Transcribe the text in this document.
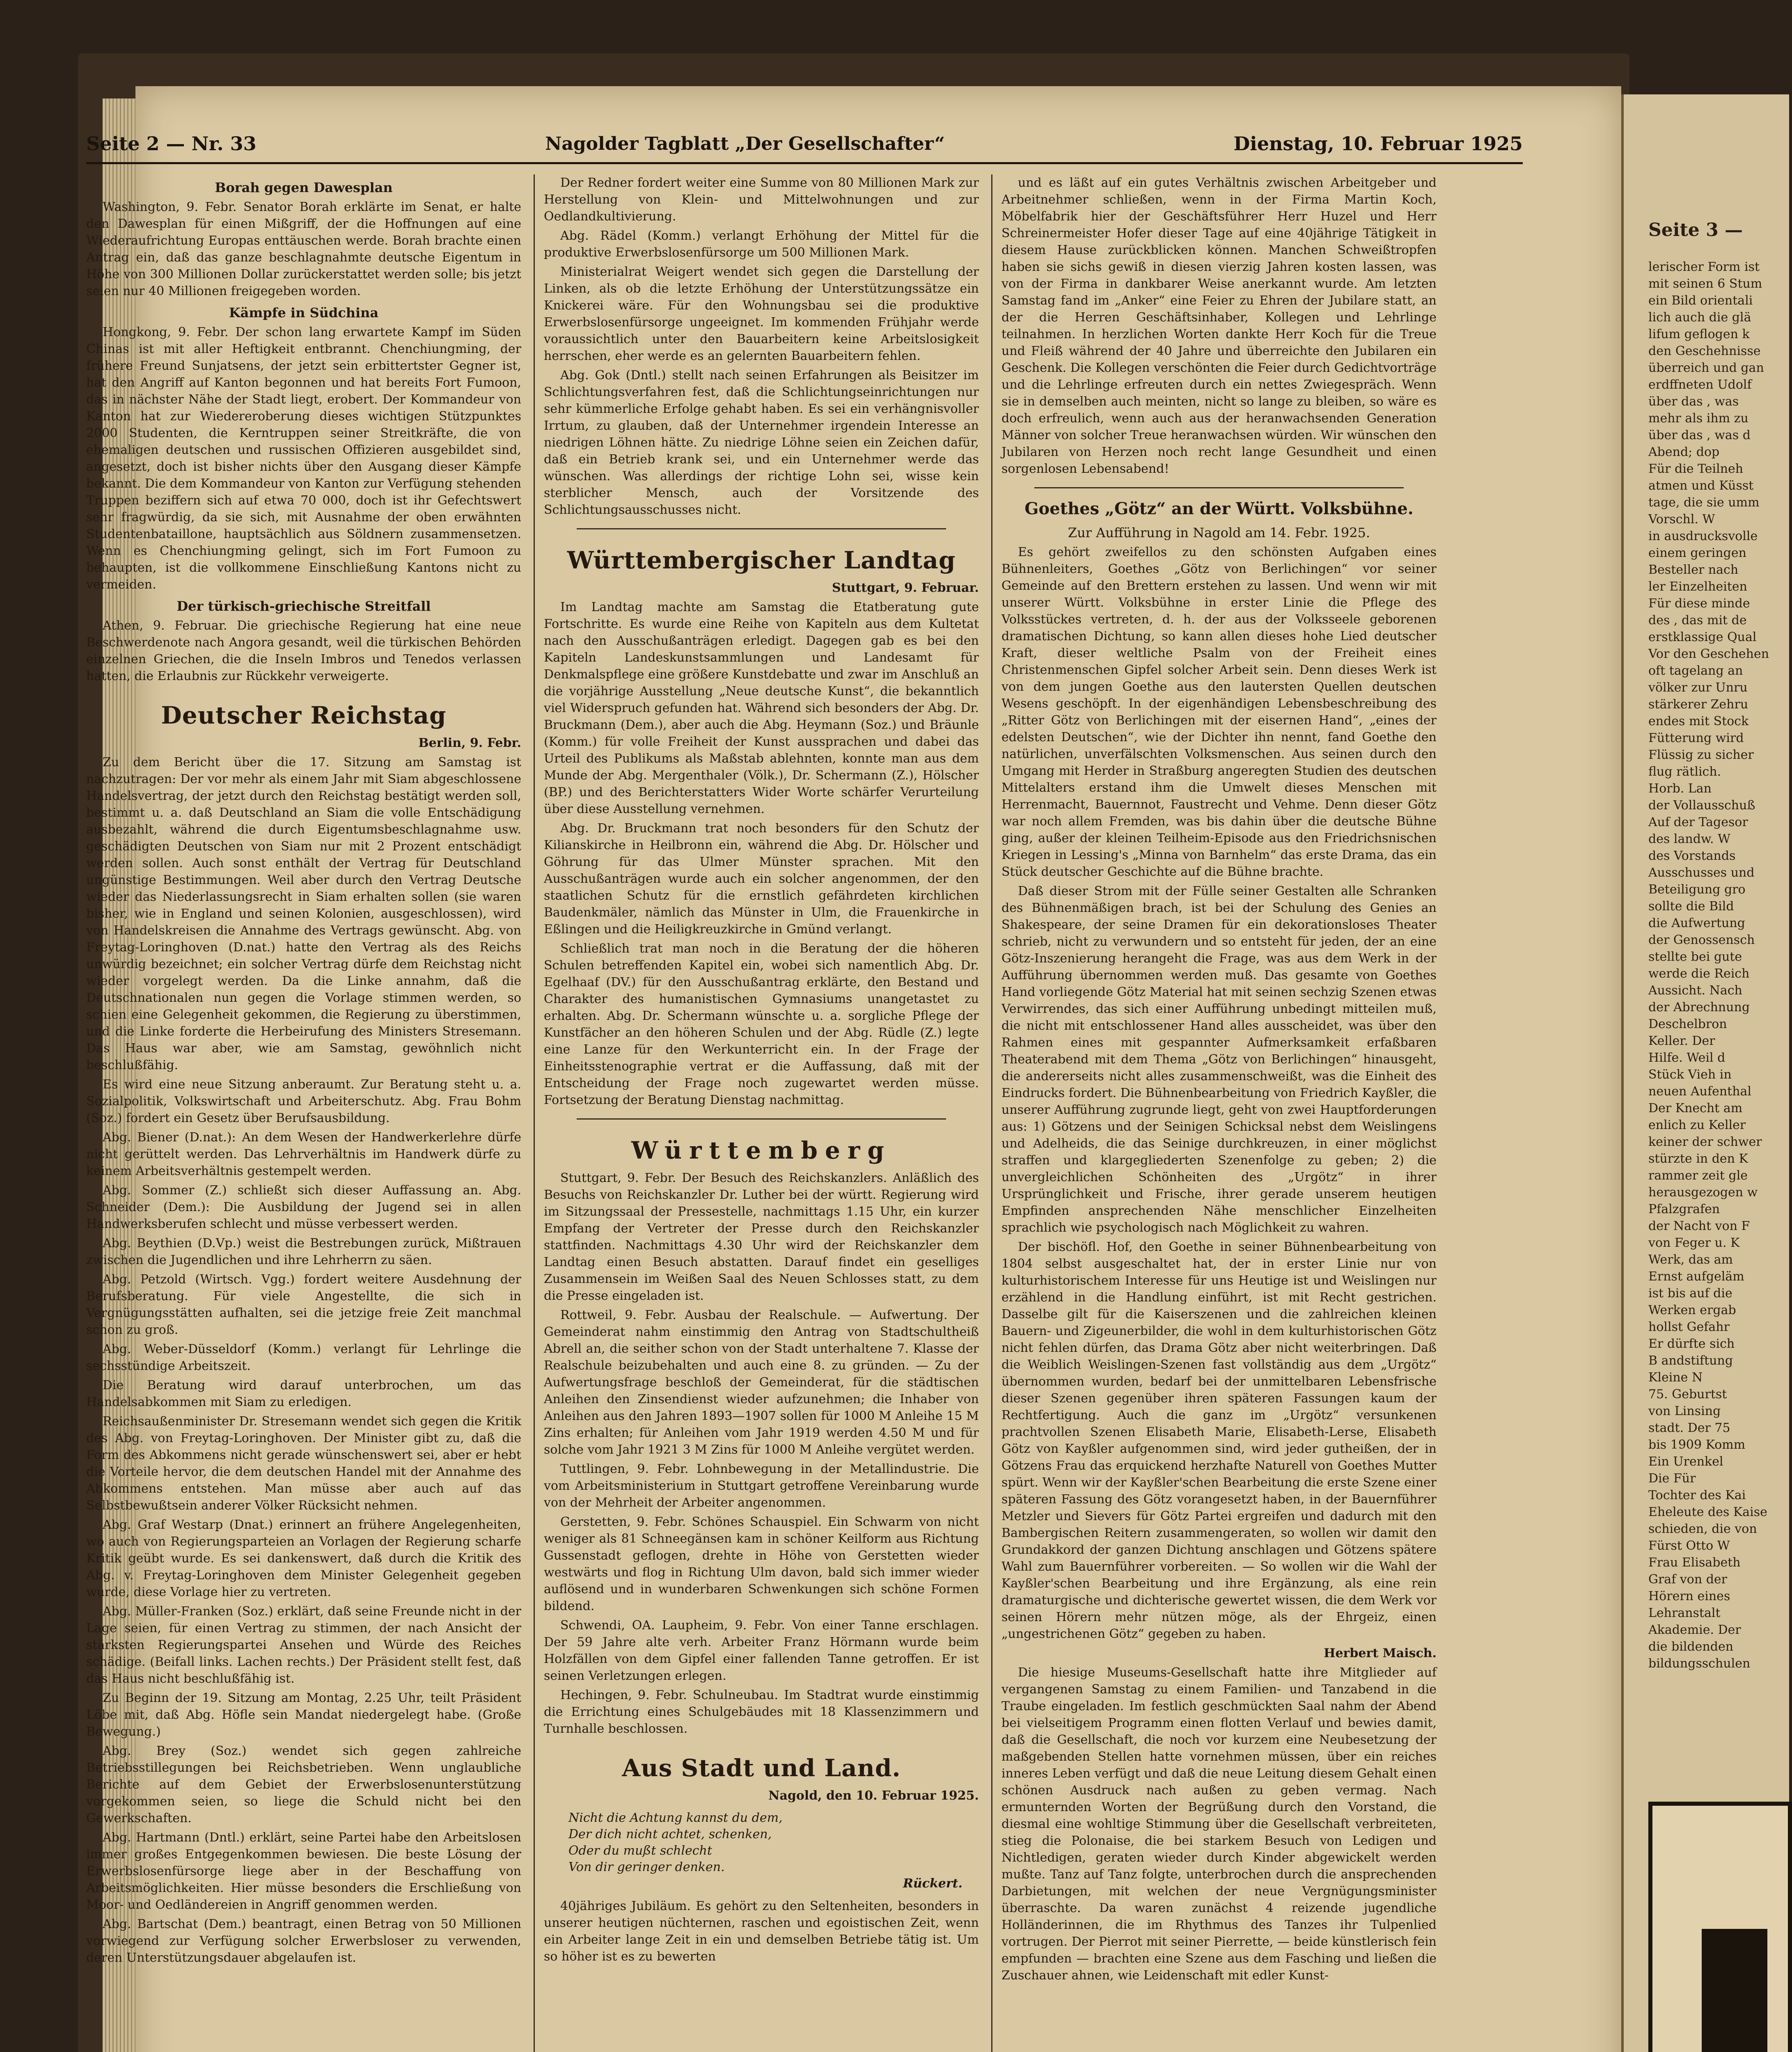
Seite 2 — Nr. 33	Nagolder Tagblatt „Der Gesellschafter“	Dienstag, 10. Februar 1925
Borah gegen Dawesplan

Washington, 9. Febr. Senator Borah erklärte im Senat, er halte den Dawesplan für einen Mißgriff, der die Hoffnungen auf eine Wiederaufrichtung Europas enttäuschen werde. Borah brachte einen Antrag ein, daß das ganze beschlagnahmte deutsche Eigentum in Höhe von 300 Millionen Dollar zurückerstattet werden solle; bis jetzt seien nur 40 Millionen freigegeben worden.

Kämpfe in Südchina

Hongkong, 9. Febr. Der schon lang erwartete Kampf im Süden Chinas ist mit aller Heftigkeit entbrannt. Chenchiungming, der frühere Freund Sunjatsens, der jetzt sein erbittertster Gegner ist, hat den Angriff auf Kanton begonnen und hat bereits Fort Fumoon, das in nächster Nähe der Stadt liegt, erobert. Der Kommandeur von Kanton hat zur Wiedereroberung dieses wichtigen Stützpunktes 2000 Studenten, die Kerntruppen seiner Streitkräfte, die von ehemaligen deutschen und russischen Offizieren ausgebildet sind, angesetzt, doch ist bisher nichts über den Ausgang dieser Kämpfe bekannt. Die dem Kommandeur von Kanton zur Verfügung stehenden Truppen beziffern sich auf etwa 70 000, doch ist ihr Gefechtswert sehr fragwürdig, da sie sich, mit Ausnahme der oben erwähnten Studentenbataillone, hauptsächlich aus Söldnern zusammensetzen. Wenn es Chenchiungming gelingt, sich im Fort Fumoon zu behaupten, ist die vollkommene Einschließung Kantons nicht zu vermeiden.

Der türkisch-griechische Streitfall

Athen, 9. Februar. Die griechische Regierung hat eine neue Beschwerdenote nach Angora gesandt, weil die türkischen Behörden einzelnen Griechen, die die Inseln Imbros und Tenedos verlassen hatten, die Erlaubnis zur Rückkehr verweigerte.

Deutscher Reichstag
Berlin, 9. Febr.

Zu dem Bericht über die 17. Sitzung am Samstag ist nachzutragen: Der vor mehr als einem Jahr mit Siam abgeschlossene Handelsvertrag, der jetzt durch den Reichstag bestätigt werden soll, bestimmt u. a. daß Deutschland an Siam die volle Entschädigung ausbezahlt, während die durch Eigentumsbeschlagnahme usw. geschädigten Deutschen von Siam nur mit 2 Prozent entschädigt werden sollen. Auch sonst enthält der Vertrag für Deutschland ungünstige Bestimmungen. Weil aber durch den Vertrag Deutsche wieder das Niederlassungsrecht in Siam erhalten sollen (sie waren bisher, wie in England und seinen Kolonien, ausgeschlossen), wird von Handelskreisen die Annahme des Vertrags gewünscht. Abg. von Freytag-Loringhoven (D.nat.) hatte den Vertrag als des Reichs unwürdig bezeichnet; ein solcher Vertrag dürfe dem Reichstag nicht wieder vorgelegt werden. Da die Linke annahm, daß die Deutschnationalen nun gegen die Vorlage stimmen werden, so schien eine Gelegenheit gekommen, die Regierung zu überstimmen, und die Linke forderte die Herbeirufung des Ministers Stresemann. Das Haus war aber, wie am Samstag, gewöhnlich nicht beschlußfähig.

Es wird eine neue Sitzung anberaumt. Zur Beratung steht u. a. Sozialpolitik, Volkswirtschaft und Arbeiterschutz. Abg. Frau Bohm (Soz.) fordert ein Gesetz über Berufsausbildung.

Abg. Biener (D.nat.): An dem Wesen der Handwerkerlehre dürfe nicht gerüttelt werden. Das Lehrverhältnis im Handwerk dürfe zu keinem Arbeitsverhältnis gestempelt werden.

Abg. Sommer (Z.) schließt sich dieser Auffassung an. Abg. Schneider (Dem.): Die Ausbildung der Jugend sei in allen Handwerksberufen schlecht und müsse verbessert werden.

Abg. Beythien (D.Vp.) weist die Bestrebungen zurück, Mißtrauen zwischen die Jugendlichen und ihre Lehrherrn zu säen.

Abg. Petzold (Wirtsch. Vgg.) fordert weitere Ausdehnung der Berufsberatung. Für viele Angestellte, die sich in Vergnügungsstätten aufhalten, sei die jetzige freie Zeit manchmal schon zu groß.

Abg. Weber-Düsseldorf (Komm.) verlangt für Lehrlinge die sechsstündige Arbeitszeit.

Die Beratung wird darauf unterbrochen, um das Handelsabkommen mit Siam zu erledigen.

Reichsaußenminister Dr. Stresemann wendet sich gegen die Kritik des Abg. von Freytag-Loringhoven. Der Minister gibt zu, daß die Form des Abkommens nicht gerade wünschenswert sei, aber er hebt die Vorteile hervor, die dem deutschen Handel mit der Annahme des Abkommens entstehen. Man müsse aber auch auf das Selbstbewußtsein anderer Völker Rücksicht nehmen.

Abg. Graf Westarp (Dnat.) erinnert an frühere Angelegenheiten, wo auch von Regierungsparteien an Vorlagen der Regierung scharfe Kritik geübt wurde. Es sei dankenswert, daß durch die Kritik des Abg. v. Freytag-Loringhoven dem Minister Gelegenheit gegeben wurde, diese Vorlage hier zu vertreten.

Abg. Müller-Franken (Soz.) erklärt, daß seine Freunde nicht in der Lage seien, für einen Vertrag zu stimmen, der nach Ansicht der stärksten Regierungspartei Ansehen und Würde des Reiches schädige. (Beifall links. Lachen rechts.) Der Präsident stellt fest, daß das Haus nicht beschlußfähig ist.

Zu Beginn der 19. Sitzung am Montag, 2.25 Uhr, teilt Präsident Löbe mit, daß Abg. Höfle sein Mandat niedergelegt habe. (Große Bewegung.)

Abg. Brey (Soz.) wendet sich gegen zahlreiche Betriebsstillegungen bei Reichsbetrieben. Wenn unglaubliche Berichte auf dem Gebiet der Erwerbslosenunterstützung vorgekommen seien, so liege die Schuld nicht bei den Gewerkschaften.

Abg. Hartmann (Dntl.) erklärt, seine Partei habe den Arbeitslosen immer großes Entgegenkommen bewiesen. Die beste Lösung der Erwerbslosenfürsorge liege aber in der Beschaffung von Arbeitsmöglichkeiten. Hier müsse besonders die Erschließung von Moor- und Oedländereien in Angriff genommen werden.

Abg. Bartschat (Dem.) beantragt, einen Betrag von 50 Millionen vorwiegend zur Verfügung solcher Erwerbsloser zu verwenden, deren Unterstützungsdauer abgelaufen ist.

Der Redner fordert weiter eine Summe von 80 Millionen Mark zur Herstellung von Klein- und Mittelwohnungen und zur Oedlandkultivierung.

Abg. Rädel (Komm.) verlangt Erhöhung der Mittel für die produktive Erwerbslosenfürsorge um 500 Millionen Mark.

Ministerialrat Weigert wendet sich gegen die Darstellung der Linken, als ob die letzte Erhöhung der Unterstützungssätze ein Knickerei wäre. Für den Wohnungsbau sei die produktive Erwerbslosenfürsorge ungeeignet. Im kommenden Frühjahr werde voraussichtlich unter den Bauarbeitern keine Arbeitslosigkeit herrschen, eher werde es an gelernten Bauarbeitern fehlen.

Abg. Gok (Dntl.) stellt nach seinen Erfahrungen als Beisitzer im Schlichtungsverfahren fest, daß die Schlichtungseinrichtungen nur sehr kümmerliche Erfolge gehabt haben. Es sei ein verhängnisvoller Irrtum, zu glauben, daß der Unternehmer irgendein Interesse an niedrigen Löhnen hätte. Zu niedrige Löhne seien ein Zeichen dafür, daß ein Betrieb krank sei, und ein Unternehmer werde das wünschen. Was allerdings der richtige Lohn sei, wisse kein sterblicher Mensch, auch der Vorsitzende des Schlichtungsausschusses nicht.

Württembergischer Landtag
Stuttgart, 9. Februar.

Im Landtag machte am Samstag die Etatberatung gute Fortschritte. Es wurde eine Reihe von Kapiteln aus dem Kultetat nach den Ausschußanträgen erledigt. Dagegen gab es bei den Kapiteln Landeskunstsammlungen und Landesamt für Denkmalspflege eine größere Kunstdebatte und zwar im Anschluß an die vorjährige Ausstellung „Neue deutsche Kunst“, die bekanntlich viel Widerspruch gefunden hat. Während sich besonders der Abg. Dr. Bruckmann (Dem.), aber auch die Abg. Heymann (Soz.) und Bräunle (Komm.) für volle Freiheit der Kunst aussprachen und dabei das Urteil des Publikums als Maßstab ablehnten, konnte man aus dem Munde der Abg. Mergenthaler (Völk.), Dr. Schermann (Z.), Hölscher (BP.) und des Berichterstatters Wider Worte schärfer Verurteilung über diese Ausstellung vernehmen.

Abg. Dr. Bruckmann trat noch besonders für den Schutz der Kilianskirche in Heilbronn ein, während die Abg. Dr. Hölscher und Göhrung für das Ulmer Münster sprachen. Mit den Ausschußanträgen wurde auch ein solcher angenommen, der den staatlichen Schutz für die ernstlich gefährdeten kirchlichen Baudenkmäler, nämlich das Münster in Ulm, die Frauenkirche in Eßlingen und die Heiligkreuzkirche in Gmünd verlangt.

Schließlich trat man noch in die Beratung der die höheren Schulen betreffenden Kapitel ein, wobei sich namentlich Abg. Dr. Egelhaaf (DV.) für den Ausschußantrag erklärte, den Bestand und Charakter des humanistischen Gymnasiums unangetastet zu erhalten. Abg. Dr. Schermann wünschte u. a. sorgliche Pflege der Kunstfächer an den höheren Schulen und der Abg. Rüdle (Z.) legte eine Lanze für den Werkunterricht ein. In der Frage der Einheitsstenographie vertrat er die Auffassung, daß mit der Entscheidung der Frage noch zugewartet werden müsse. Fortsetzung der Beratung Dienstag nachmittag.

Württemberg

Stuttgart, 9. Febr. Der Besuch des Reichskanzlers. Anläßlich des Besuchs von Reichskanzler Dr. Luther bei der württ. Regierung wird im Sitzungssaal der Pressestelle, nachmittags 1.15 Uhr, ein kurzer Empfang der Vertreter der Presse durch den Reichskanzler stattfinden. Nachmittags 4.30 Uhr wird der Reichskanzler dem Landtag einen Besuch abstatten. Darauf findet ein geselliges Zusammensein im Weißen Saal des Neuen Schlosses statt, zu dem die Presse eingeladen ist.

Rottweil, 9. Febr. Ausbau der Realschule. — Aufwertung. Der Gemeinderat nahm einstimmig den Antrag von Stadtschultheiß Abrell an, die seither schon von der Stadt unterhaltene 7. Klasse der Realschule beizubehalten und auch eine 8. zu gründen. — Zu der Aufwertungsfrage beschloß der Gemeinderat, für die städtischen Anleihen den Zinsendienst wieder aufzunehmen; die Inhaber von Anleihen aus den Jahren 1893—1907 sollen für 1000 M Anleihe 15 M Zins erhalten; für Anleihen vom Jahr 1919 werden 4.50 M und für solche vom Jahr 1921 3 M Zins für 1000 M Anleihe vergütet werden.

Tuttlingen, 9. Febr. Lohnbewegung in der Metallindustrie. Die vom Arbeitsministerium in Stuttgart getroffene Vereinbarung wurde von der Mehrheit der Arbeiter angenommen.

Gerstetten, 9. Febr. Schönes Schauspiel. Ein Schwarm von nicht weniger als 81 Schneegänsen kam in schöner Keilform aus Richtung Gussenstadt geflogen, drehte in Höhe von Gerstetten wieder westwärts und flog in Richtung Ulm davon, bald sich immer wieder auflösend und in wunderbaren Schwenkungen sich schöne Formen bildend.

Schwendi, OA. Laupheim, 9. Febr. Von einer Tanne erschlagen. Der 59 Jahre alte verh. Arbeiter Franz Hörmann wurde beim Holzfällen von dem Gipfel einer fallenden Tanne getroffen. Er ist seinen Verletzungen erlegen.

Hechingen, 9. Febr. Schulneubau. Im Stadtrat wurde einstimmig die Errichtung eines Schulgebäudes mit 18 Klassenzimmern und Turnhalle beschlossen.

Aus Stadt und Land.
Nagold, den 10. Februar 1925.
Nicht die Achtung kannst du dem,
Der dich nicht achtet, schenken,
Oder du mußt schlecht
Von dir geringer denken.
Rückert.

40jähriges Jubiläum. Es gehört zu den Seltenheiten, besonders in unserer heutigen nüchternen, raschen und egoistischen Zeit, wenn ein Arbeiter lange Zeit in ein und demselben Betriebe tätig ist. Um so höher ist es zu bewerten

und es läßt auf ein gutes Verhältnis zwischen Arbeitgeber und Arbeitnehmer schließen, wenn in der Firma Martin Koch, Möbelfabrik hier der Geschäftsführer Herr Huzel und Herr Schreinermeister Hofer dieser Tage auf eine 40jährige Tätigkeit in diesem Hause zurückblicken können. Manchen Schweißtropfen haben sie sichs gewiß in diesen vierzig Jahren kosten lassen, was von der Firma in dankbarer Weise anerkannt wurde. Am letzten Samstag fand im „Anker“ eine Feier zu Ehren der Jubilare statt, an der die Herren Geschäftsinhaber, Kollegen und Lehrlinge teilnahmen. In herzlichen Worten dankte Herr Koch für die Treue und Fleiß während der 40 Jahre und überreichte den Jubilaren ein Geschenk. Die Kollegen verschönten die Feier durch Gedichtvorträge und die Lehrlinge erfreuten durch ein nettes Zwiegespräch. Wenn sie in demselben auch meinten, nicht so lange zu bleiben, so wäre es doch erfreulich, wenn auch aus der heranwachsenden Generation Männer von solcher Treue heranwachsen würden. Wir wünschen den Jubilaren von Herzen noch recht lange Gesundheit und einen sorgenlosen Lebensabend!

Goethes „Götz“ an der Württ. Volksbühne.
Zur Aufführung in Nagold am 14. Febr. 1925.

Es gehört zweifellos zu den schönsten Aufgaben eines Bühnenleiters, Goethes „Götz von Berlichingen“ vor seiner Gemeinde auf den Brettern erstehen zu lassen. Und wenn wir mit unserer Württ. Volksbühne in erster Linie die Pflege des Volksstückes vertreten, d. h. der aus der Volksseele geborenen dramatischen Dichtung, so kann allen dieses hohe Lied deutscher Kraft, dieser weltliche Psalm von der Freiheit eines Christenmenschen Gipfel solcher Arbeit sein. Denn dieses Werk ist von dem jungen Goethe aus den lautersten Quellen deutschen Wesens geschöpft. In der eigenhändigen Lebensbeschreibung des „Ritter Götz von Berlichingen mit der eisernen Hand“, „eines der edelsten Deutschen“, wie der Dichter ihn nennt, fand Goethe den natürlichen, unverfälschten Volksmenschen. Aus seinen durch den Umgang mit Herder in Straßburg angeregten Studien des deutschen Mittelalters erstand ihm die Umwelt dieses Menschen mit Herrenmacht, Bauernnot, Faustrecht und Vehme. Denn dieser Götz war noch allem Fremden, was bis dahin über die deutsche Bühne ging, außer der kleinen Teilheim-Episode aus den Friedrichsnischen Kriegen in Lessing's „Minna von Barnhelm“ das erste Drama, das ein Stück deutscher Geschichte auf die Bühne brachte.

Daß dieser Strom mit der Fülle seiner Gestalten alle Schranken des Bühnenmäßigen brach, ist bei der Schulung des Genies an Shakespeare, der seine Dramen für ein dekorationsloses Theater schrieb, nicht zu verwundern und so entsteht für jeden, der an eine Götz-Inszenierung herangeht die Frage, was aus dem Werk in der Aufführung übernommen werden muß. Das gesamte von Goethes Hand vorliegende Götz Material hat mit seinen sechzig Szenen etwas Verwirrendes, das sich einer Aufführung unbedingt mitteilen muß, die nicht mit entschlossener Hand alles ausscheidet, was über den Rahmen eines mit gespannter Aufmerksamkeit erfaßbaren Theaterabend mit dem Thema „Götz von Berlichingen“ hinausgeht, die andererseits nicht alles zusammenschweißt, was die Einheit des Eindrucks fordert. Die Bühnenbearbeitung von Friedrich Kayßler, die unserer Aufführung zugrunde liegt, geht von zwei Hauptforderungen aus: 1) Götzens und der Seinigen Schicksal nebst dem Weislingens und Adelheids, die das Seinige durchkreuzen, in einer möglichst straffen und klargegliederten Szenenfolge zu geben; 2) die unvergleichlichen Schönheiten des „Urgötz“ in ihrer Ursprünglichkeit und Frische, ihrer gerade unserem heutigen Empfinden ansprechenden Nähe menschlicher Einzelheiten sprachlich wie psychologisch nach Möglichkeit zu wahren.

Der bischöfl. Hof, den Goethe in seiner Bühnenbearbeitung von 1804 selbst ausgeschaltet hat, der in erster Linie nur von kulturhistorischem Interesse für uns Heutige ist und Weislingen nur erzählend in die Handlung einführt, ist mit Recht gestrichen. Dasselbe gilt für die Kaiserszenen und die zahlreichen kleinen Bauern- und Zigeunerbilder, die wohl in dem kulturhistorischen Götz nicht fehlen dürfen, das Drama Götz aber nicht weiterbringen. Daß die Weiblich Weislingen-Szenen fast vollständig aus dem „Urgötz“ übernommen wurden, bedarf bei der unmittelbaren Lebensfrische dieser Szenen gegenüber ihren späteren Fassungen kaum der Rechtfertigung. Auch die ganz im „Urgötz“ versunkenen prachtvollen Szenen Elisabeth Marie, Elisabeth-Lerse, Elisabeth Götz von Kayßler aufgenommen sind, wird jeder gutheißen, der in Götzens Frau das erquickend herzhafte Naturell von Goethes Mutter spürt. Wenn wir der Kayßler'schen Bearbeitung die erste Szene einer späteren Fassung des Götz vorangesetzt haben, in der Bauernführer Metzler und Sievers für Götz Partei ergreifen und dadurch mit den Bambergischen Reitern zusammengeraten, so wollen wir damit den Grundakkord der ganzen Dichtung anschlagen und Götzens spätere Wahl zum Bauernführer vorbereiten. — So wollen wir die Wahl der Kayßler'schen Bearbeitung und ihre Ergänzung, als eine rein dramaturgische und dichterische gewertet wissen, die dem Werk vor seinen Hörern mehr nützen möge, als der Ehrgeiz, einen „ungestrichenen Götz“ gegeben zu haben.

Herbert Maisch.

Die hiesige Museums-Gesellschaft hatte ihre Mitglieder auf vergangenen Samstag zu einem Familien- und Tanzabend in die Traube eingeladen. Im festlich geschmückten Saal nahm der Abend bei vielseitigem Programm einen flotten Verlauf und bewies damit, daß die Gesellschaft, die noch vor kurzem eine Neubesetzung der maßgebenden Stellen hatte vornehmen müssen, über ein reiches inneres Leben verfügt und daß die neue Leitung diesem Gehalt einen schönen Ausdruck nach außen zu geben vermag. Nach ermunternden Worten der Begrüßung durch den Vorstand, die diesmal eine wohltige Stimmung über die Gesellschaft verbreiteten, stieg die Polonaise, die bei starkem Besuch von Ledigen und Nichtledigen, geraten wieder durch Kinder abgewickelt werden mußte. Tanz auf Tanz folgte, unterbrochen durch die ansprechenden Darbietungen, mit welchen der neue Vergnügungsminister überraschte. Da waren zunächst 4 reizende jugendliche Holländerinnen, die im Rhythmus des Tanzes ihr Tulpenlied vortrugen. Der Pierrot mit seiner Pierrette, — beide künstlerisch fein empfunden — brachten eine Szene aus dem Fasching und ließen die Zuschauer ahnen, wie Leidenschaft mit edler Kunst-

Seite 3 —
lerischer Form ist
mit seinen 6 Stum
ein Bild orientali
lich auch die glä
lifum geflogen k
den Geschehnisse
überreich und gan
erdffneten Udolf
über das , was
mehr als ihm zu
über das , was d
Abend; dop
Für die Teilneh
atmen und Küsst
tage, die sie umm
Vorschl. W
in ausdrucksvolle
einem geringen
Besteller nach
ler Einzelheiten
Für diese minde
des , das mit de
erstklassige Qual
Vor den Geschehen
oft tagelang an
völker zur Unru
stärkerer Zehru
endes mit Stock
Fütterung wird
Flüssig zu sicher
flug rätlich.
Horb. Lan
der Vollausschuß
Auf der Tagesor
des landw. W
des Vorstands
Ausschusses und
Beteiligung gro
sollte die Bild
die Aufwertung
der Genossensch
stellte bei gute
werde die Reich
Aussicht. Nach
der Abrechnung
Deschelbron
Keller. Der
Hilfe. Weil d
Stück Vieh in
neuen Aufenthal
Der Knecht am
enlich zu Keller
keiner der schwer
stürzte in den K
rammer zeit gle
herausgezogen w
Pfalzgrafen
der Nacht von F
von Feger u. K
Werk, das am
Ernst aufgeläm
ist bis auf die
Werken ergab
hollst Gefahr
Er dürfte sich
B andstiftung
Kleine N
75. Geburtst
von Linsing
stadt. Der 75
bis 1909 Komm
Ein Urenkel
Die Für
Tochter des Kai
Eheleute des Kaise
schieden, die von
Fürst Otto W
Frau Elisabeth
Graf von der
Hörern eines
Lehranstalt
Akademie. Der
die bildenden
bildungsschulen
